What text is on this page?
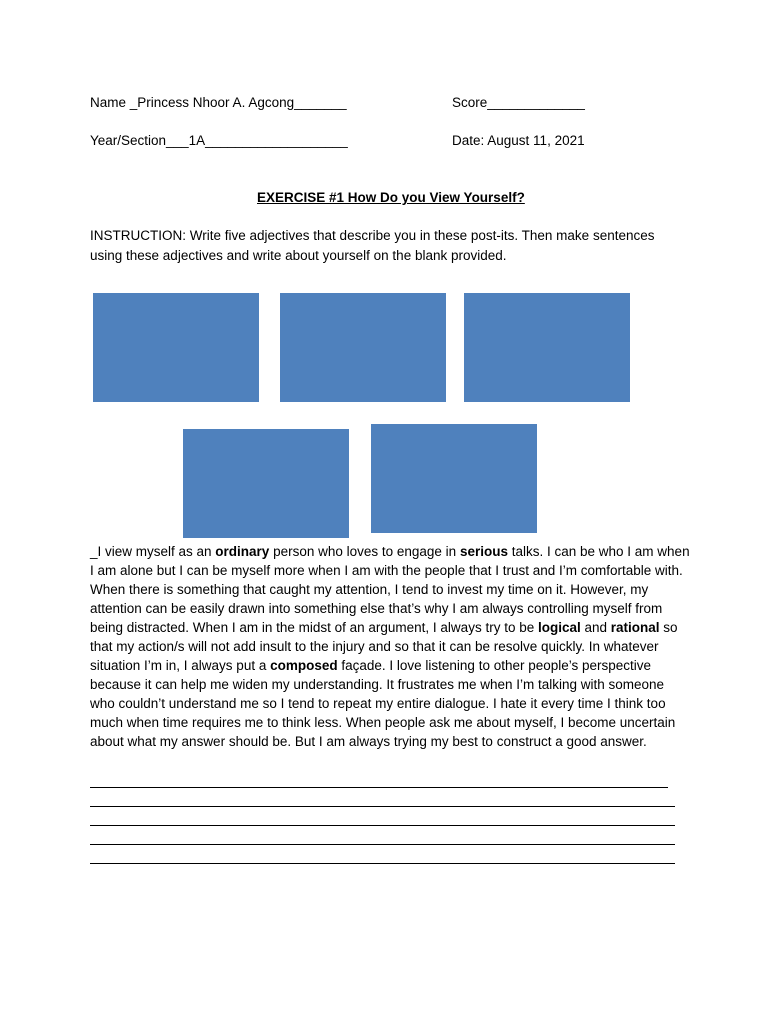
Name _Princess Nhoor A. Agcong_______	Score_____________
Year/Section___1A___________________	Date: August 11, 2021
EXERCISE #1 How Do you View Yourself?
INSTRUCTION: Write five adjectives that describe you in these post-its. Then make sentences
using these adjectives and write about yourself on the blank provided.
_I view myself as an ordinary person who loves to engage in serious talks. I can be who I am when I am alone but I can be myself more when I am with the people that I trust and I’m comfortable with. When there is something that caught my attention, I tend to invest my time on it. However, my attention can be easily drawn into something else that’s why I am always controlling myself from being distracted. When I am in the midst of an argument, I always try to be logical and rational so that my action/s will not add insult to the injury and so that it can be resolve quickly. In whatever situation I’m in, I always put a composed façade. I love listening to other people’s perspective because it can help me widen my understanding. It frustrates me when I’m talking with someone who couldn’t understand me so I tend to repeat my entire dialogue. I hate it every time I think too much when time requires me to think less. When people ask me about myself, I become uncertain about what my answer should be. But I am always trying my best to construct a good answer.
